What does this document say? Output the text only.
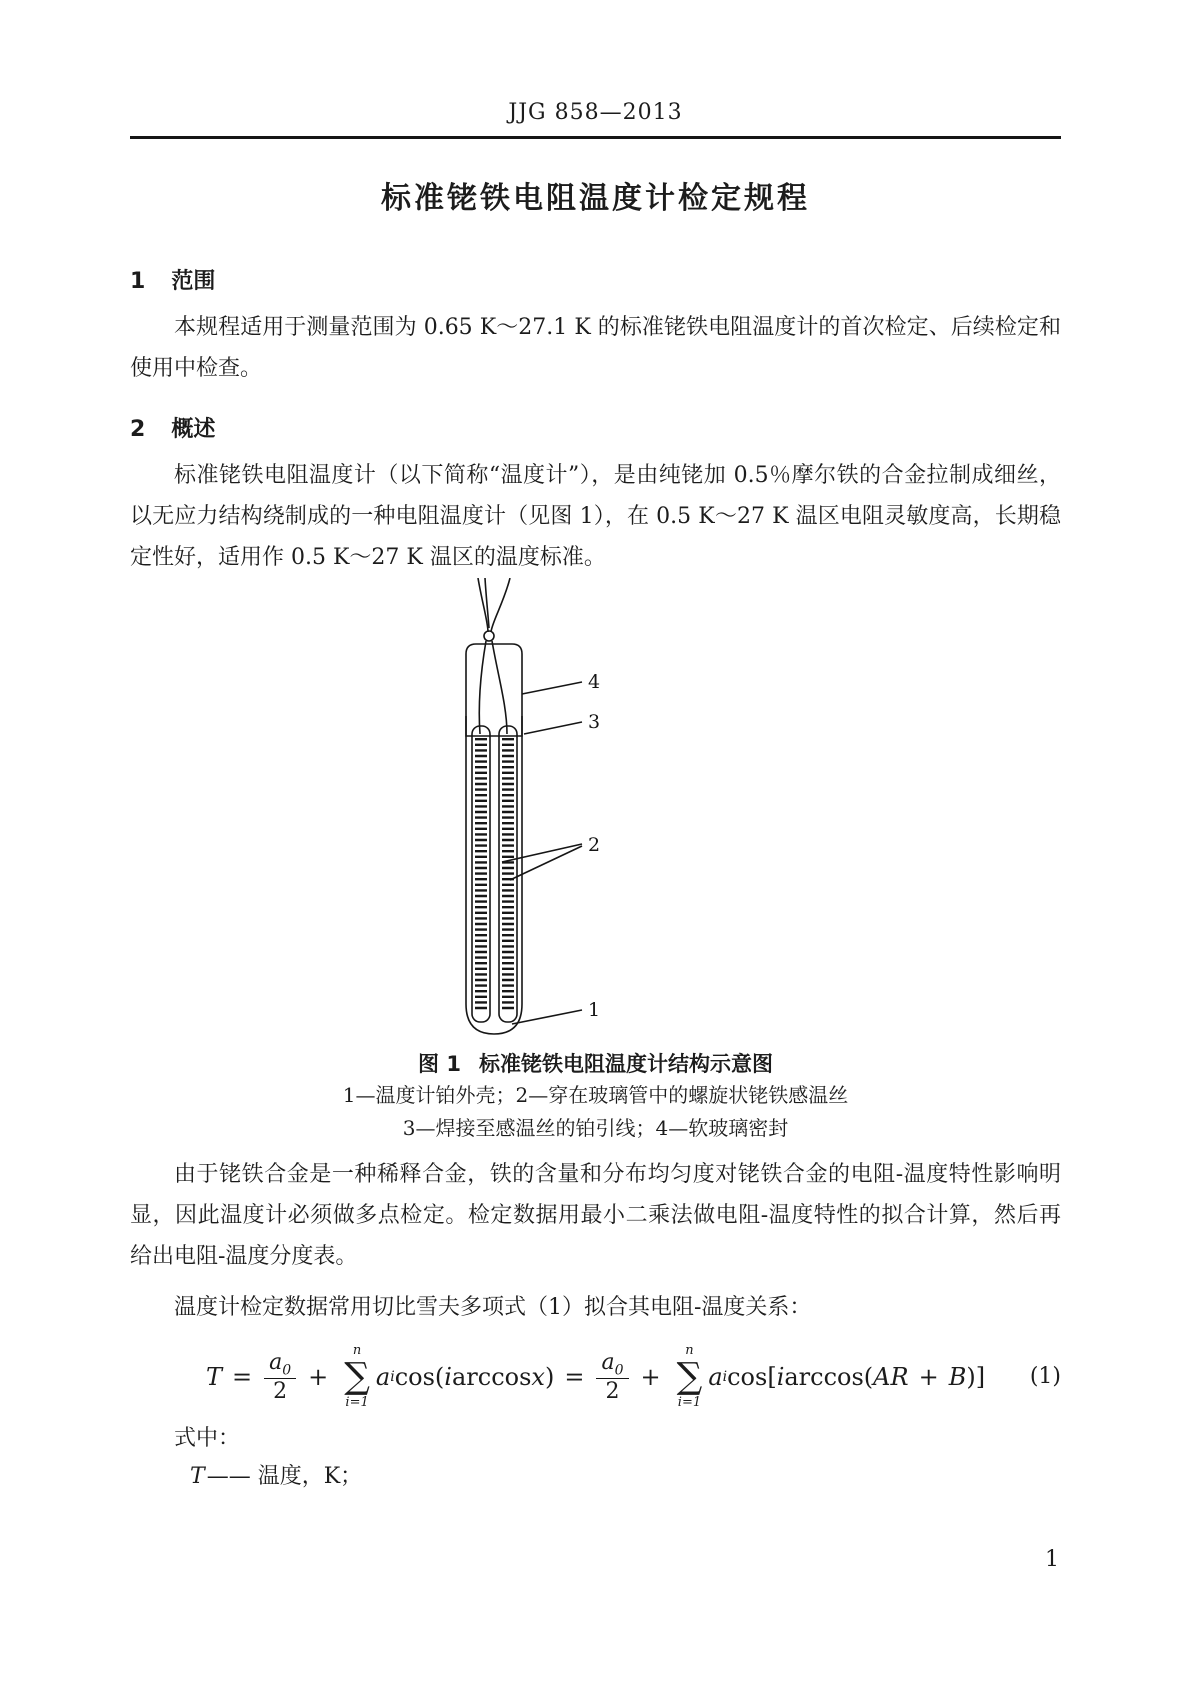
JJG 858—2013
标准铑铁电阻温度计检定规程
1 范围
本规程适用于测量范围为 0.65 K～27.1 K 的标准铑铁电阻温度计的首次检定、后续检定和使用中检查。
2 概述
标准铑铁电阻温度计（以下简称“温度计”），是由纯铑加 0.5％摩尔铁的合金拉制成细丝，以无应力结构绕制成的一种电阻温度计（见图 1），在 0.5 K～27 K 温区电阻灵敏度高，长期稳定性好，适用作 0.5 K～27 K 温区的温度标准。
4
3
2
1
图 1 标准铑铁电阻温度计结构示意图
1—温度计铂外壳；2—穿在玻璃管中的螺旋状铑铁感温丝
3—焊接至感温丝的铂引线；4—软玻璃密封
由于铑铁合金是一种稀释合金，铁的含量和分布均匀度对铑铁合金的电阻-温度特性影响明显，因此温度计必须做多点检定。检定数据用最小二乘法做电阻-温度特性的拟合计算，然后再给出电阻-温度分度表。
温度计检定数据常用切比雪夫多项式（1）拟合其电阻-温度关系：
$T = \frac{a_0}{2}$ +
n
∑
i=1
a i cos( i arccos x ) = $\frac{a_0}{2}$ +
n
∑
i=1
a i cos[ i arccos( AR + B )] (1)
式中：
T—— 温度，K；
1
